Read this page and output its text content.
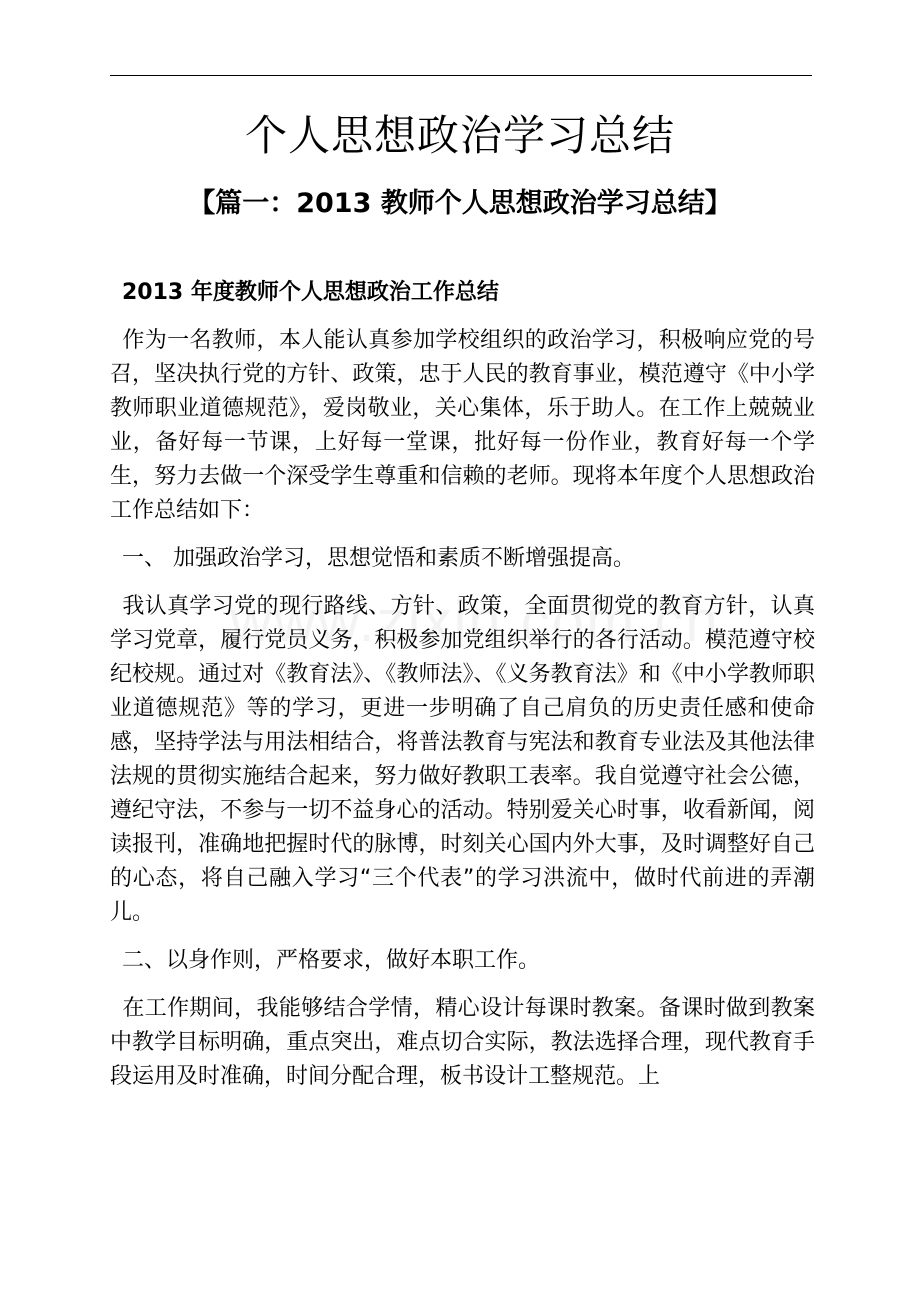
个人思想政治学习总结
【篇一：2013 教师个人思想政治学习总结】

2013 年度教师个人思想政治工作总结

作为一名教师，本人能认真参加学校组织的政治学习，积极响应党的号召，坚决执行党的方针、政策，忠于人民的教育事业，模范遵守《中小学教师职业道德规范》，爱岗敬业，关心集体，乐于助人。在工作上兢兢业业，备好每一节课，上好每一堂课，批好每一份作业，教育好每一个学生，努力去做一个深受学生尊重和信赖的老师。现将本年度个人思想政治工作总结如下：

一、 加强政治学习，思想觉悟和素质不断增强提高。

我认真学习党的现行路线、方针、政策，全面贯彻党的教育方针，认真学习党章，履行党员义务，积极参加党组织举行的各行活动。模范遵守校纪校规。通过对《教育法》、《教师法》、《义务教育法》和《中小学教师职业道德规范》等的学习，更进一步明确了自己肩负的历史责任感和使命感，坚持学法与用法相结合，将普法教育与宪法和教育专业法及其他法律法规的贯彻实施结合起来，努力做好教职工表率。我自觉遵守社会公德，遵纪守法，不参与一切不益身心的活动。特别爱关心时事，收看新闻，阅读报刊，准确地把握时代的脉博，时刻关心国内外大事，及时调整好自己的心态，将自己融入学习“三个代表”的学习洪流中，做时代前进的弄潮儿。

二、以身作则，严格要求，做好本职工作。

在工作期间，我能够结合学情，精心设计每课时教案。备课时做到教案中教学目标明确，重点突出，难点切合实际，教法选择合理，现代教育手段运用及时准确，时间分配合理，板书设计工整规范。上
